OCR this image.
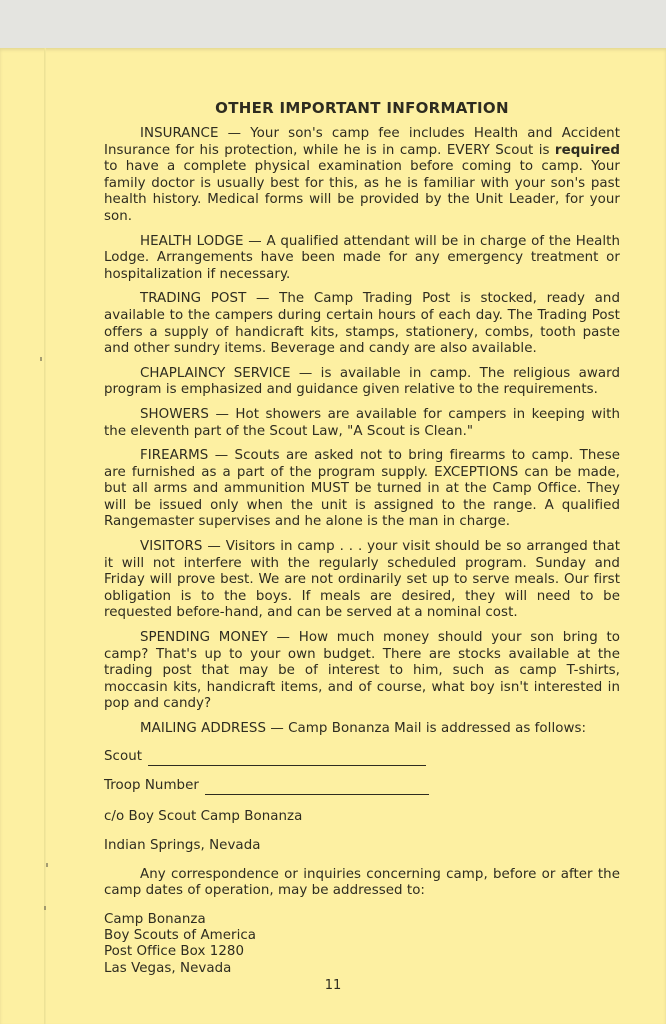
OTHER IMPORTANT INFORMATION

INSURANCE — Your son's camp fee includes Health and Accident Insurance for his protection, while he is in camp. EVERY Scout is required to have a complete physical examination before coming to camp. Your family doctor is usually best for this, as he is familiar with your son's past health history. Medical forms will be provided by the Unit Leader, for your son.

HEALTH LODGE — A qualified attendant will be in charge of the Health Lodge. Arrangements have been made for any emergency treatment or hospitalization if necessary.

TRADING POST — The Camp Trading Post is stocked, ready and available to the campers during certain hours of each day. The Trading Post offers a supply of handicraft kits, stamps, stationery, combs, tooth paste and other sundry items. Beverage and candy are also available.

CHAPLAINCY SERVICE — is available in camp. The religious award program is emphasized and guidance given relative to the requirements.

SHOWERS — Hot showers are available for campers in keeping with the eleventh part of the Scout Law, "A Scout is Clean."

FIREARMS — Scouts are asked not to bring firearms to camp. These are furnished as a part of the program supply. EXCEPTIONS can be made, but all arms and ammunition MUST be turned in at the Camp Office. They will be issued only when the unit is assigned to the range. A qualified Rangemaster supervises and he alone is the man in charge.

VISITORS — Visitors in camp . . . your visit should be so arranged that it will not interfere with the regularly scheduled program. Sunday and Friday will prove best. We are not ordinarily set up to serve meals. Our first obligation is to the boys. If meals are desired, they will need to be requested before-hand, and can be served at a nominal cost.

SPENDING MONEY — How much money should your son bring to camp? That's up to your own budget. There are stocks available at the trading post that may be of interest to him, such as camp T-shirts, moccasin kits, handicraft items, and of course, what boy isn't interested in pop and candy?

MAILING ADDRESS — Camp Bonanza Mail is addressed as follows:

Scout
Troop Number
c/o Boy Scout Camp Bonanza
Indian Springs, Nevada

Any correspondence or inquiries concerning camp, before or after the camp dates of operation, may be addressed to:

Camp Bonanza
Boy Scouts of America
Post Office Box 1280
Las Vegas, Nevada
11
